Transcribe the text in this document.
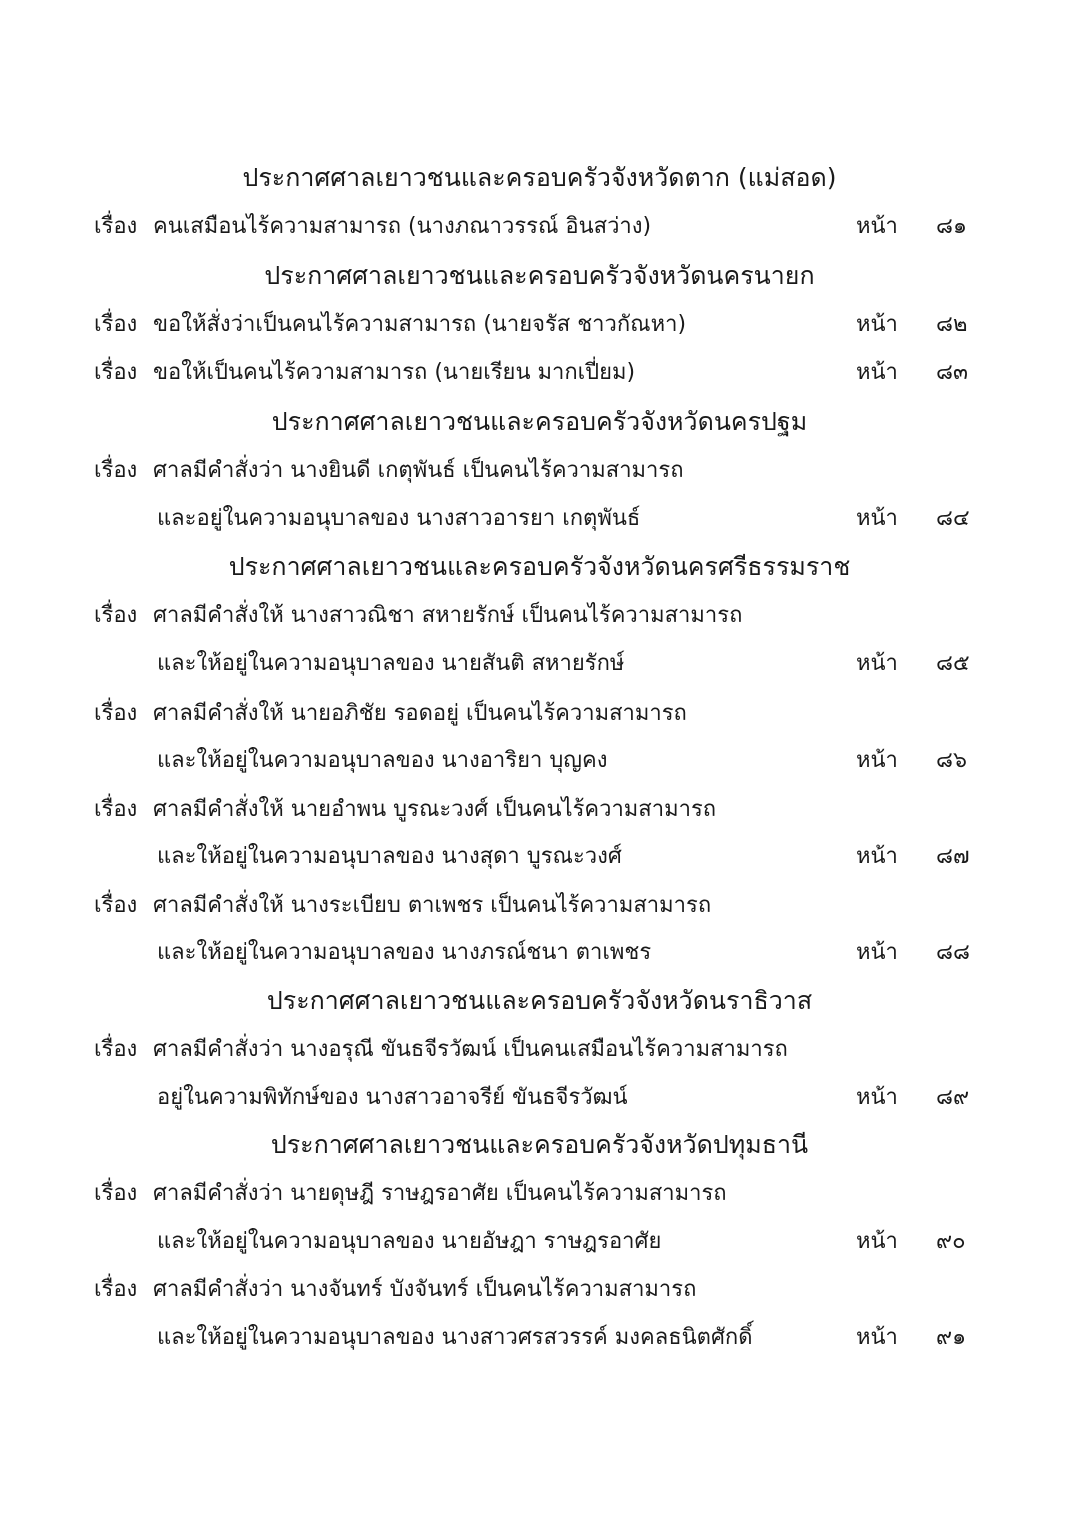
ประกาศศาลเยาวชนและครอบครัวจังหวัดตาก (แม่สอด)
เรื่อง คนเสมือนไร้ความสามารถ (นางภณาวรรณ์ อินสว่าง)	หน้า ๘๑
ประกาศศาลเยาวชนและครอบครัวจังหวัดนครนายก
เรื่อง ขอให้สั่งว่าเป็นคนไร้ความสามารถ (นายจรัส ชาวกัณหา)	หน้า ๘๒
เรื่อง ขอให้เป็นคนไร้ความสามารถ (นายเรียน มากเปี่ยม)	หน้า ๘๓
ประกาศศาลเยาวชนและครอบครัวจังหวัดนครปฐม
เรื่อง ศาลมีคำสั่งว่า นางยินดี เกตุพันธ์ เป็นคนไร้ความสามารถ
และอยู่ในความอนุบาลของ นางสาวอารยา เกตุพันธ์	หน้า ๘๔
ประกาศศาลเยาวชนและครอบครัวจังหวัดนครศรีธรรมราช
เรื่อง ศาลมีคำสั่งให้ นางสาวณิชา สหายรักษ์ เป็นคนไร้ความสามารถ
และให้อยู่ในความอนุบาลของ นายสันติ สหายรักษ์	หน้า ๘๕
เรื่อง ศาลมีคำสั่งให้ นายอภิชัย รอดอยู่ เป็นคนไร้ความสามารถ
และให้อยู่ในความอนุบาลของ นางอาริยา บุญคง	หน้า ๘๖
เรื่อง ศาลมีคำสั่งให้ นายอำพน บูรณะวงศ์ เป็นคนไร้ความสามารถ
และให้อยู่ในความอนุบาลของ นางสุดา บูรณะวงศ์	หน้า ๘๗
เรื่อง ศาลมีคำสั่งให้ นางระเบียบ ตาเพชร เป็นคนไร้ความสามารถ
และให้อยู่ในความอนุบาลของ นางภรณ์ชนา ตาเพชร	หน้า ๘๘
ประกาศศาลเยาวชนและครอบครัวจังหวัดนราธิวาส
เรื่อง ศาลมีคำสั่งว่า นางอรุณี ขันธจีรวัฒน์ เป็นคนเสมือนไร้ความสามารถ
อยู่ในความพิทักษ์ของ นางสาวอาจรีย์ ขันธจีรวัฒน์	หน้า ๘๙
ประกาศศาลเยาวชนและครอบครัวจังหวัดปทุมธานี
เรื่อง ศาลมีคำสั่งว่า นายดุษฎี ราษฎรอาศัย เป็นคนไร้ความสามารถ
และให้อยู่ในความอนุบาลของ นายอัษฎา ราษฎรอาศัย	หน้า ๙๐
เรื่อง ศาลมีคำสั่งว่า นางจันทร์ บังจันทร์ เป็นคนไร้ความสามารถ
และให้อยู่ในความอนุบาลของ นางสาวศรสวรรค์ มงคลธนิตศักดิ์	หน้า ๙๑
